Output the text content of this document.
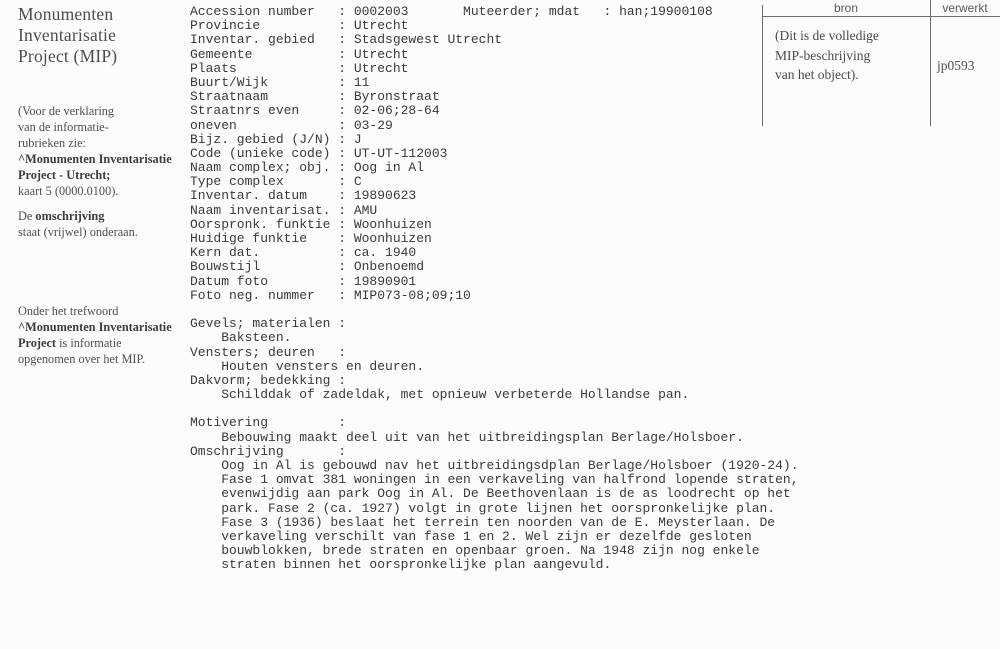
Monumenten
Inventarisatie
Project (MIP)
(Voor de verklaring
van de informatie-
rubrieken zie:
^Monumenten Inventarisatie
Project - Utrecht;
kaart 5 (0000.0100).
De omschrijving
staat (vrijwel) onderaan.
Onder het trefwoord
^Monumenten Inventarisatie
Project is informatie
opgenomen over het MIP.
Accession number   : 0002003       Muteerder; mdat   : han;19900108
Provincie          : Utrecht
Inventar. gebied   : Stadsgewest Utrecht
Gemeente           : Utrecht
Plaats             : Utrecht
Buurt/Wijk         : 11
Straatnaam         : Byronstraat
Straatnrs even     : 02-06;28-64
oneven             : 03-29
Bijz. gebied (J/N) : J
Code (unieke code) : UT-UT-112003
Naam complex; obj. : Oog in Al
Type complex       : C
Inventar. datum    : 19890623
Naam inventarisat. : AMU
Oorspronk. funktie : Woonhuizen
Huidige funktie    : Woonhuizen
Kern dat.          : ca. 1940
Bouwstijl          : Onbenoemd
Datum foto         : 19890901
Foto neg. nummer   : MIP073-08;09;10

Gevels; materialen :
Baksteen.
Vensters; deuren   :
Houten vensters en deuren.
Dakvorm; bedekking :
Schilddak of zadeldak, met opnieuw verbeterde Hollandse pan.

Motivering         :
Bebouwing maakt deel uit van het uitbreidingsplan Berlage/Holsboer.
Omschrijving       :
Oog in Al is gebouwd nav het uitbreidingsdplan Berlage/Holsboer (1920-24).
Fase 1 omvat 381 woningen in een verkaveling van halfrond lopende straten,
evenwijdig aan park Oog in Al. De Beethovenlaan is de as loodrecht op het
park. Fase 2 (ca. 1927) volgt in grote lijnen het oorspronkelijke plan.
Fase 3 (1936) beslaat het terrein ten noorden van de E. Meysterlaan. De
verkaveling verschilt van fase 1 en 2. Wel zijn er dezelfde gesloten
bouwblokken, brede straten en openbaar groen. Na 1948 zijn nog enkele
straten binnen het oorspronkelijke plan aangevuld.
bron	verwerkt
(Dit is de volledige
MIP-beschrijving
van het object).
jp0593
